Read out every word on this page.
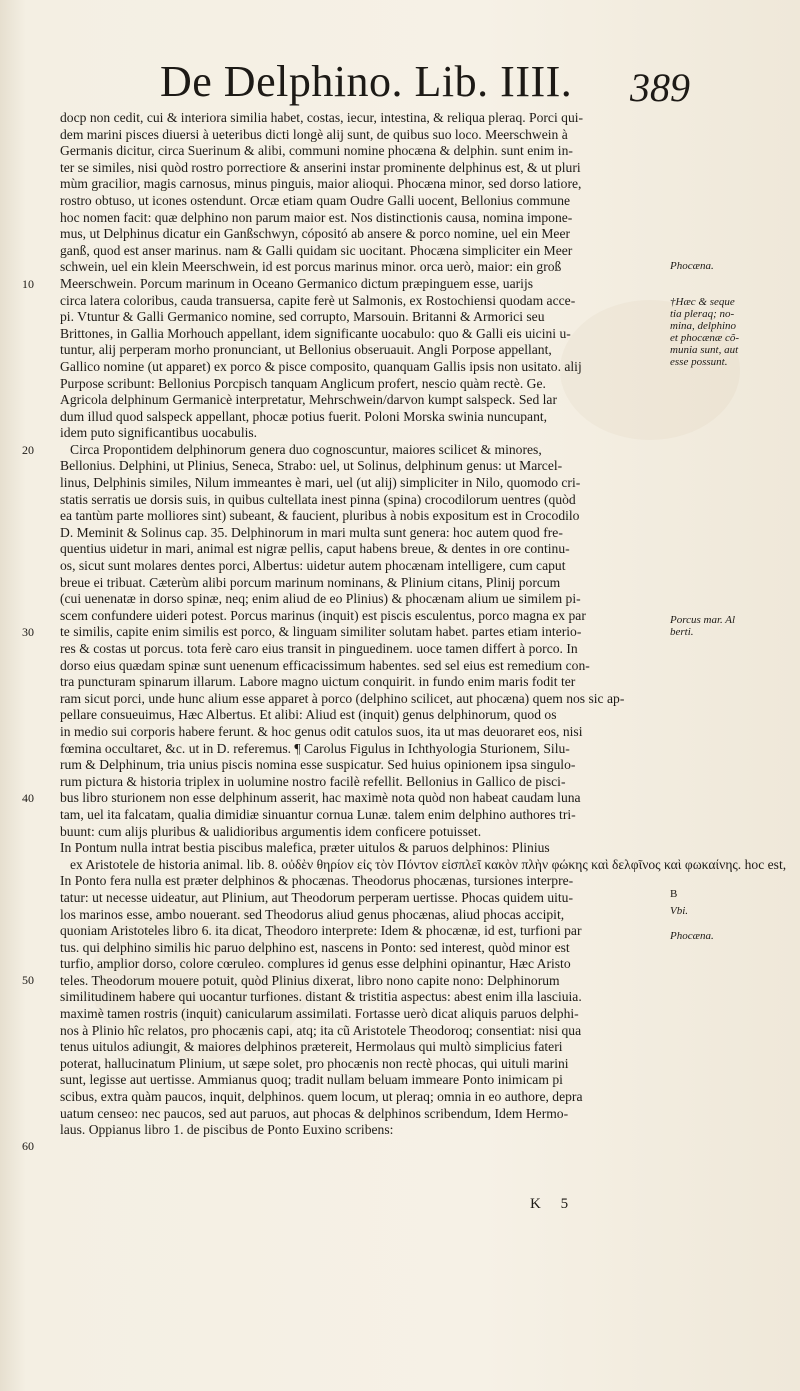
De Delphino. Lib. IIII. 389
docp non cedit, cui & interiora similia habet, costas, iecur, intestina, & reliqua pleraq. Porci qui-
dem marini pisces diuersi à ueteribus dicti longè alij sunt, de quibus suo loco. Meerschwein à
Germanis dicitur, circa Suerinum & alibi, communi nomine phocæna & delphin. sunt enim in-
ter se similes, nisi quòd rostro porrectiore & anserini instar prominente delphinus est, & ut pluri
mùm gracilior, magis carnosus, minus pinguis, maior alioqui. Phocæna minor, sed dorso latiore,
rostro obtuso, ut icones ostendunt. Orcæ etiam quam Oudre Galli uocent, Bellonius commune
hoc nomen facit: quæ delphino non parum maior est. Nos distinctionis causa, nomina impone-
mus, ut Delphinus dicatur ein Ganßschwyn, cópositó ab ansere & porco nomine, uel ein Meer
ganß, quod est anser marinus. nam & Galli quidam sic uocitant. Phocæna simpliciter ein Meer
schwein, uel ein klein Meerschwein, id est porcus marinus minor. orca uerò, maior: ein groß
Meerschwein. Porcum marinum in Oceano Germanico dictum præpinguem esse, uarijs
circa latera coloribus, cauda transuersa, capite ferè ut Salmonis, ex Rostochiensi quodam acce-
pi. Vtuntur & Galli Germanico nomine, sed corrupto, Marsouin. Britanni & Armorici seu
Brittones, in Gallia Morhouch appellant, idem significante uocabulo: quo & Galli eis uicini u-
tuntur, alij perperam morho pronunciant, ut Bellonius obseruauit. Angli Porpose appellant,
Gallico nomine (ut apparet) ex porco & pisce composito, quanquam Gallis ipsis non usitato. alij
Purpose scribunt: Bellonius Porcpisch tanquam Anglicum profert, nescio quàm rectè. Ge.
Agricola delphinum Germanicè interpretatur, Mehrschwein/darvon kumpt salspeck. Sed lar
dum illud quod salspeck appellant, phocæ potius fuerit. Poloni Morska swinia nuncupant,
idem puto significantibus uocabulis.
Circa Propontidem delphinorum genera duo cognoscuntur, maiores scilicet & minores,
Bellonius. Delphini, ut Plinius, Seneca, Strabo: uel, ut Solinus, delphinum genus: ut Marcel-
linus, Delphinis similes, Nilum immeantes è mari, uel (ut alij) simpliciter in Nilo, quomodo cri-
statis serratis ue dorsis suis, in quibus cultellata inest pinna (spina) crocodilorum uentres (quòd
ea tantùm parte molliores sint) subeant, & faucient, pluribus à nobis expositum est in Crocodilo
D. Meminit & Solinus cap. 35. Delphinorum in mari multa sunt genera: hoc autem quod fre-
quentius uidetur in mari, animal est nigræ pellis, caput habens breue, & dentes in ore continu-
os, sicut sunt molares dentes porci, Albertus: uidetur autem phocænam intelligere, cum caput
breue ei tribuat. Cæterùm alibi porcum marinum nominans, & Plinium citans, Plinij porcum
(cui uenenatæ in dorso spinæ, neq; enim aliud de eo Plinius) & phocænam alium ue similem pi-
scem confundere uideri potest. Porcus marinus (inquit) est piscis esculentus, porco magna ex par
te similis, capite enim similis est porco, & linguam similiter solutam habet. partes etiam interio-
res & costas ut porcus. tota ferè caro eius transit in pinguedinem. uoce tamen differt à porco. In
dorso eius quædam spinæ sunt uenenum efficacissimum habentes. sed sel eius est remedium con-
tra puncturam spinarum illarum. Labore magno uictum conquirit. in fundo enim maris fodit ter
ram sicut porci, unde hunc alium esse apparet à porco (delphino scilicet, aut phocæna) quem nos sic ap-
pellare consueuimus, Hæc Albertus. Et alibi: Aliud est (inquit) genus delphinorum, quod os
in medio sui corporis habere ferunt. & hoc genus odit catulos suos, ita ut mas deuoraret eos, nisi
fœmina occultaret, &c. ut in D. referemus. ¶ Carolus Figulus in Ichthyologia Sturionem, Silu-
rum & Delphinum, tria unius piscis nomina esse suspicatur. Sed huius opinionem ipsa singulo-
rum pictura & historia triplex in uolumine nostro facilè refellit. Bellonius in Gallico de pisci-
bus libro sturionem non esse delphinum asserit, hac maximè nota quòd non habeat caudam luna
tam, uel ita falcatam, qualia dimidiæ sinuantur cornua Lunæ. talem enim delphino authores tri-
buunt: cum alijs pluribus & ualidioribus argumentis idem conficere potuisset.
In Pontum nulla intrat bestia piscibus malefica, præter uitulos & paruos delphinos: Plinius
ex Aristotele de historia animal. lib. 8. οὐδὲν θηρίον εἰς τὸν Πόντον εἰσπλεῖ κακὸν πλὴν φώκης καὶ δελφῖνος καὶ φωκαίνης. hoc est,
In Ponto fera nulla est præter delphinos & phocænas. Theodorus phocænas, tursiones interpre-
tatur: ut necesse uideatur, aut Plinium, aut Theodorum perperam uertisse. Phocas quidem uitu-
los marinos esse, ambo nouerant. sed Theodorus aliud genus phocænas, aliud phocas accipit,
quoniam Aristoteles libro 6. ita dicat, Theodoro interprete: Idem & phocænæ, id est, turfioni par
tus. qui delphino similis hic paruo delphino est, nascens in Ponto: sed interest, quòd minor est
turfio, amplior dorso, colore cœruleo. complures id genus esse delphini opinantur, Hæc Aristo
teles. Theodorum mouere potuit, quòd Plinius dixerat, libro nono capite nono: Delphinorum
similitudinem habere qui uocantur turfiones. distant & tristitia aspectus: abest enim illa lasciuia.
maximè tamen rostris (inquit) canicularum assimilati. Fortasse uerò dicat aliquis paruos delphi-
nos à Plinio hîc relatos, pro phocænis capi, atq; ita cũ Aristotele Theodoroq; consentiat: nisi qua
tenus uitulos adiungit, & maiores delphinos prætereit, Hermolaus qui multò simplicius fateri
poterat, hallucinatum Plinium, ut sæpe solet, pro phocænis non rectè phocas, qui uituli marini
sunt, legisse aut uertisse. Ammianus quoq; tradit nullam beluam immeare Ponto inimicam pi
scibus, extra quàm paucos, inquit, delphinos. quem locum, ut pleraq; omnia in eo authore, depra
uatum censeo: nec paucos, sed aut paruos, aut phocas & delphinos scribendum, Idem Hermo-
laus. Oppianus libro 1. de piscibus de Ponto Euxino scribens:
10
20
30
40
50
60
†Hæc & seque
tia pleraq; no-
mina, delphino
et phocænæ cõ-
munia sunt, aut
esse possunt.
Phocæna.
Porcus mar. Al
berti.
B
Vbi.
Phocæna.
K 5
